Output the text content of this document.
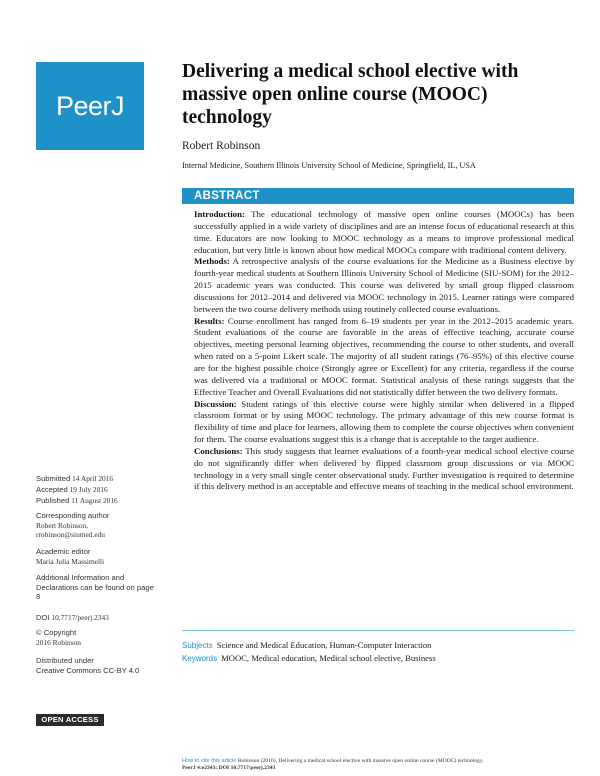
PeerJ
Delivering a medical school elective with massive open online course (MOOC) technology
Robert Robinson
Internal Medicine, Southern Illinois University School of Medicine, Springfield, IL, USA
ABSTRACT

Introduction: The educational technology of massive open online courses (MOOCs) has been successfully applied in a wide variety of disciplines and are an intense focus of educational research at this time. Educators are now looking to MOOC technology as a means to improve professional medical education, but very little is known about how medical MOOCs compare with traditional content delivery.

Methods: A retrospective analysis of the course evaluations for the Medicine as a Business elective by fourth-year medical students at Southern Illinois University School of Medicine (SIU-SOM) for the 2012–2015 academic years was conducted. This course was delivered by small group flipped classroom discussions for 2012–2014 and delivered via MOOC technology in 2015. Learner ratings were compared between the two course delivery methods using routinely collected course evaluations.

Results: Course enrollment has ranged from 6–19 students per year in the 2012–2015 academic years. Student evaluations of the course are favorable in the areas of effective teaching, accurate course objectives, meeting personal learning objectives, recommending the course to other students, and overall when rated on a 5-point Likert scale. The majority of all student ratings (76–95%) of this elective course are for the highest possible choice (Strongly agree or Excellent) for any criteria, regardless if the course was delivered via a traditional or MOOC format. Statistical analysis of these ratings suggests that the Effective Teacher and Overall Evaluations did not statistically differ between the two delivery formats.

Discussion: Student ratings of this elective course were highly similar when delivered in a flipped classroom format or by using MOOC technology. The primary advantage of this new course format is flexibility of time and place for learners, allowing them to complete the course objectives when convenient for them. The course evaluations suggest this is a change that is acceptable to the target audience.

Conclusions: This study suggests that learner evaluations of a fourth-year medical school elective course do not significantly differ when delivered by flipped classroom group discussions or via MOOC technology in a very small single center observational study. Further investigation is required to determine if this delivery method is an acceptable and effective means of teaching in the medical school environment.

Submitted 14 April 2016
Accepted 19 July 2016
Published 11 August 2016
Corresponding author
Robert Robinson,
rrobinson@siumed.edu
Academic editor
Maria Julia Massimelli
Additional Information and Declarations can be found on page 8
DOI 10.7717/peerj.2343
© Copyright
2016 Robinson
Distributed under
Creative Commons CC-BY 4.0
OPEN ACCESS
Subjects Science and Medical Education, Human-Computer Interaction
Keywords MOOC, Medical education, Medical school elective, Business
How to cite this article Robinson (2016), Delivering a medical school elective with massive open online course (MOOC) technology.
PeerJ 4:e2343; DOI 10.7717/peerj.2343
